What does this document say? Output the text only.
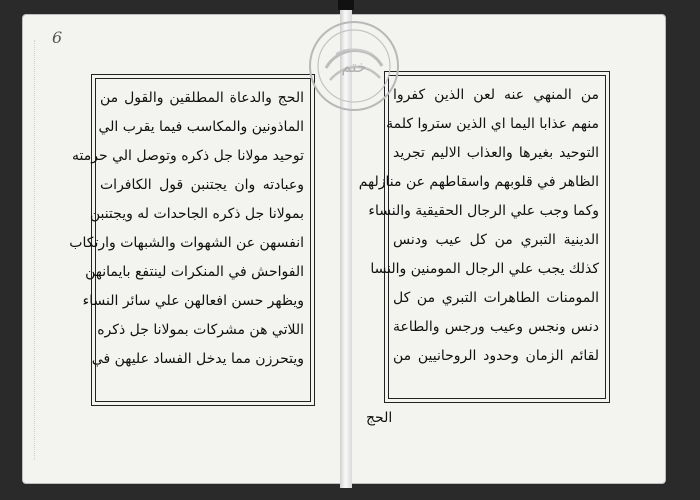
6
الحج والدعاة المطلقين والقول من
الماذونين والمكاسب فيما يقرب الي
توحيد مولانا جل ذكره وتوصل الي حرمته
وعبادته وان يجتنبن قول الكافرات
بمولانا جل ذكره الجاحدات له ويجتنبن
انفسهن عن الشهوات والشبهات وارتكاب
الفواحش في المنكرات لينتفع بايمانهن
ويظهر حسن افعالهن علي سائر النساء
اللاتي هن مشركات بمولانا جل ذكره
ويتحرزن مما يدخل الفساد عليهن في
من المنهي عنه لعن الذين كفروا
منهم عذابا اليما اي الذين ستروا كلمة
التوحيد بغيرها والعذاب الاليم تجريد
الظاهر في قلوبهم واسقاطهم عن منازلهم
وكما وجب علي الرجال الحقيقية والنساء
الدينية التبري من كل عيب ودنس
كذلك يجب علي الرجال المومنين والنسا
المومنات الطاهرات التبري من كل
دنس ونجس وعيب ورجس والطاعة
لقائم الزمان وحدود الروحانيين من
الحج
ختم
